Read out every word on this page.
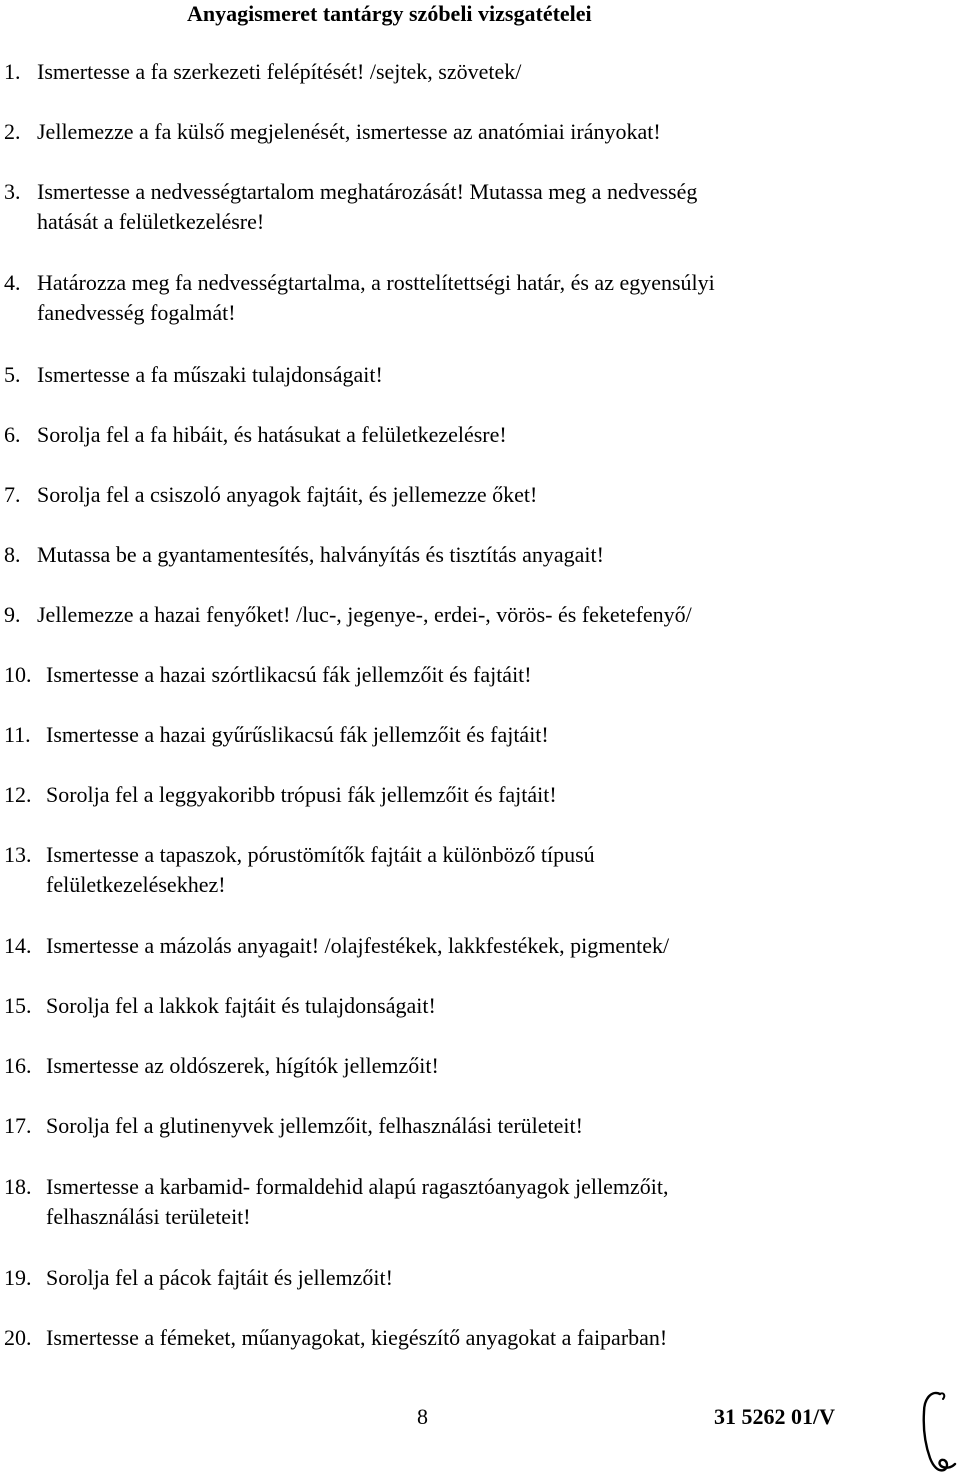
Anyagismeret tantárgy szóbeli vizsgatételei
1. Ismertesse a fa szerkezeti felépítését! /sejtek, szövetek/
2. Jellemezze a fa külső megjelenését, ismertesse az anatómiai irányokat!
3. Ismertesse a nedvességtartalom meghatározását! Mutassa meg a nedvesség
hatását a felületkezelésre!
4. Határozza meg fa nedvességtartalma, a rosttelítettségi határ, és az egyensúlyi
fanedvesség fogalmát!
5. Ismertesse a fa műszaki tulajdonságait!
6. Sorolja fel a fa hibáit, és hatásukat a felületkezelésre!
7. Sorolja fel a csiszoló anyagok fajtáit, és jellemezze őket!
8. Mutassa be a gyantamentesítés, halványítás és tisztítás anyagait!
9. Jellemezze a hazai fenyőket! /luc-, jegenye-, erdei-, vörös- és feketefenyő/
10. Ismertesse a hazai szórtlikacsú fák jellemzőit és fajtáit!
11. Ismertesse a hazai gyűrűslikacsú fák jellemzőit és fajtáit!
12. Sorolja fel a leggyakoribb trópusi fák jellemzőit és fajtáit!
13. Ismertesse a tapaszok, pórustömítők fajtáit a különböző típusú
felületkezelésekhez!
14. Ismertesse a mázolás anyagait! /olajfestékek, lakkfestékek, pigmentek/
15. Sorolja fel a lakkok fajtáit és tulajdonságait!
16. Ismertesse az oldószerek, hígítók jellemzőit!
17. Sorolja fel a glutinenyvek jellemzőit, felhasználási területeit!
18. Ismertesse a karbamid- formaldehid alapú ragasztóanyagok jellemzőit,
felhasználási területeit!
19. Sorolja fel a pácok fajtáit és jellemzőit!
20. Ismertesse a fémeket, műanyagokat, kiegészítő anyagokat a faiparban!
8	31 5262 01/V
